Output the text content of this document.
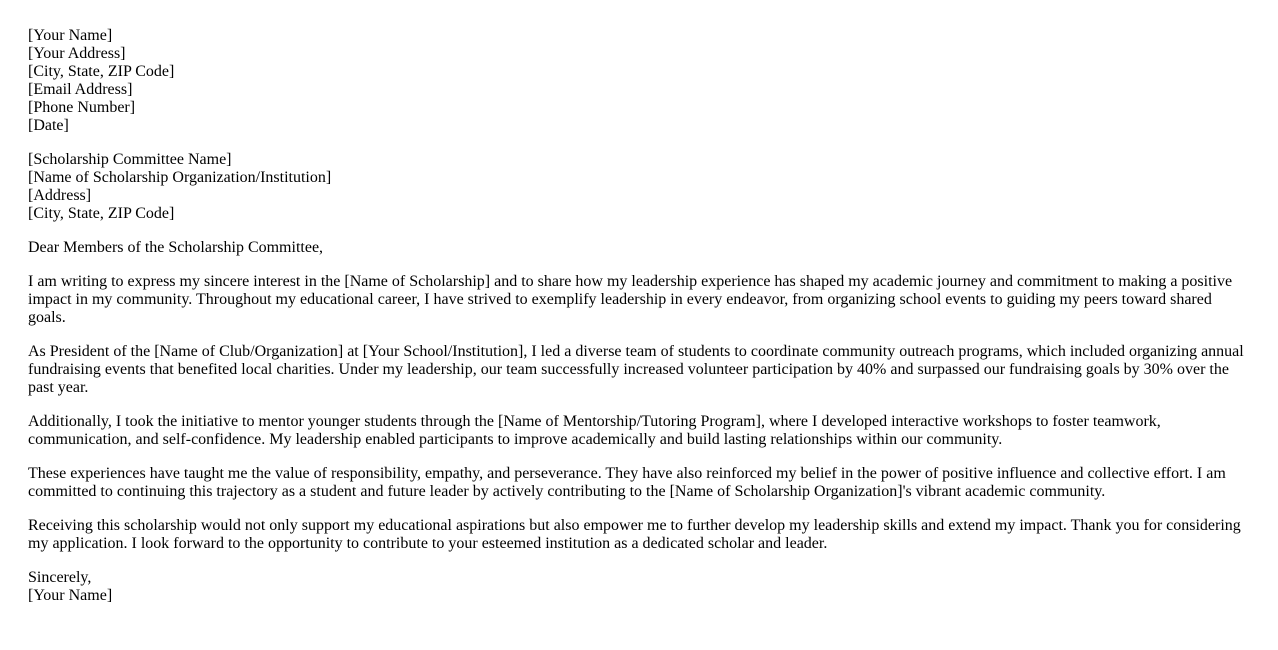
[Your Name]
[Your Address]
[City, State, ZIP Code]
[Email Address]
[Phone Number]
[Date]

[Scholarship Committee Name]
[Name of Scholarship Organization/Institution]
[Address]
[City, State, ZIP Code]

Dear Members of the Scholarship Committee,

I am writing to express my sincere interest in the [Name of Scholarship] and to share how my leadership experience has shaped my academic journey and commitment to making a positive impact in my community. Throughout my educational career, I have strived to exemplify leadership in every endeavor, from organizing school events to guiding my peers toward shared goals.

As President of the [Name of Club/Organization] at [Your School/Institution], I led a diverse team of students to coordinate community outreach programs, which included organizing annual fundraising events that benefited local charities. Under my leadership, our team successfully increased volunteer participation by 40% and surpassed our fundraising goals by 30% over the past year.

Additionally, I took the initiative to mentor younger students through the [Name of Mentorship/Tutoring Program], where I developed interactive workshops to foster teamwork, communication, and self-confidence. My leadership enabled participants to improve academically and build lasting relationships within our community.

These experiences have taught me the value of responsibility, empathy, and perseverance. They have also reinforced my belief in the power of positive influence and collective effort. I am committed to continuing this trajectory as a student and future leader by actively contributing to the [Name of Scholarship Organization]'s vibrant academic community.

Receiving this scholarship would not only support my educational aspirations but also empower me to further develop my leadership skills and extend my impact. Thank you for considering my application. I look forward to the opportunity to contribute to your esteemed institution as a dedicated scholar and leader.

Sincerely,
[Your Name]
